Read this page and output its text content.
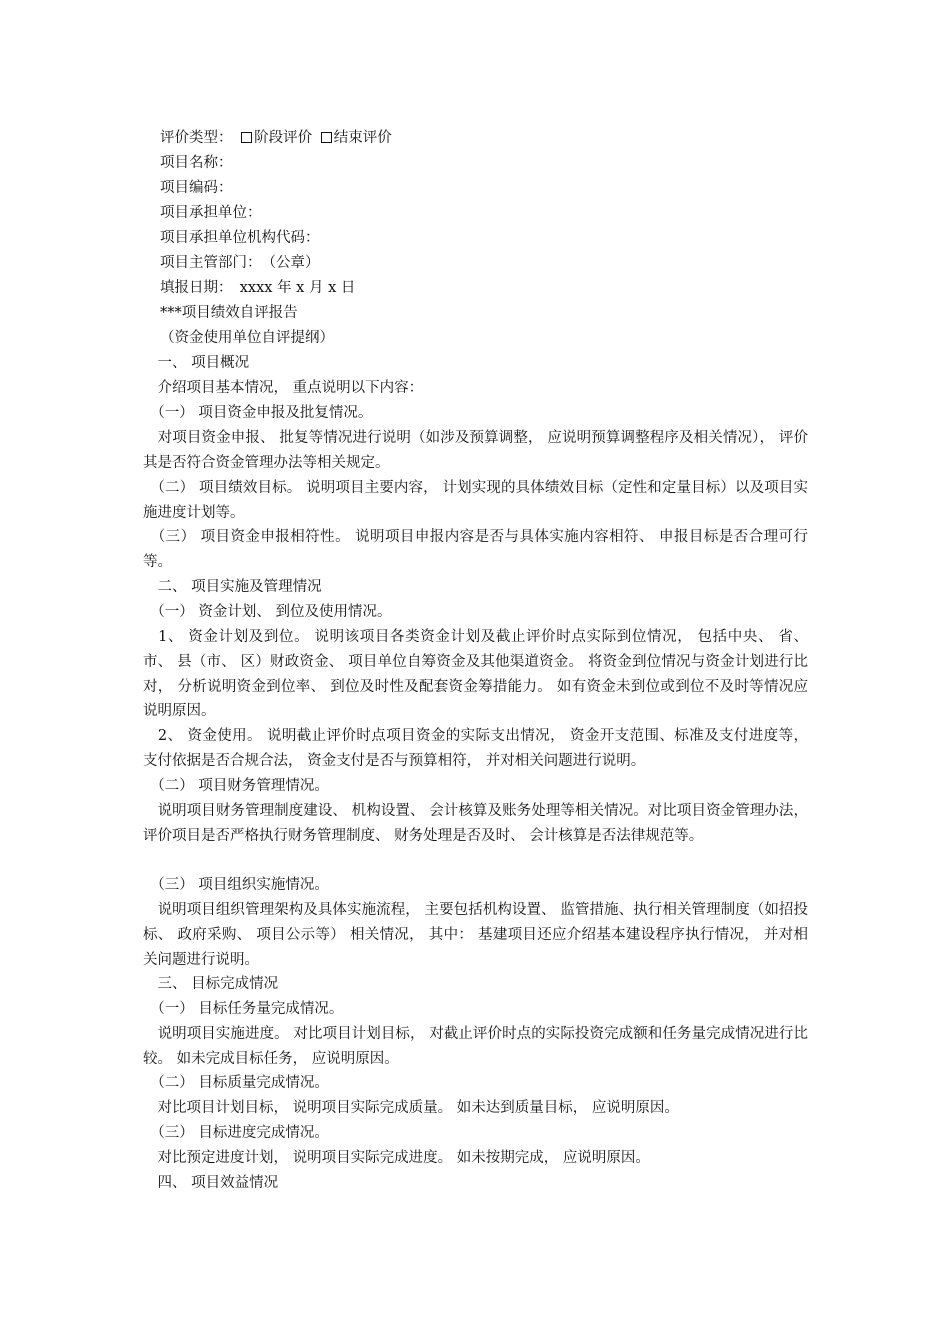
评价类型： 阶段评价 结束评价
项目名称：
项目编码：
项目承担单位：
项目承担单位机构代码：
项目主管部门：　（公章）
填报日期：　xxxx 年 x 月 x 日
***项目绩效自评报告
（资金使用单位自评提纲）

　一、 项目概况

　介绍项目基本情况， 重点说明以下内容：

　（一） 项目资金申报及批复情况。

　对项目资金申报、 批复等情况进行说明（如涉及预算调整， 应说明预算调整程序及相关情况）， 评价其是否符合资金管理办法等相关规定。

　（二） 项目绩效目标。 说明项目主要内容， 计划实现的具体绩效目标（定性和定量目标）以及项目实施进度计划等。

　（三） 项目资金申报相符性。 说明项目申报内容是否与具体实施内容相符、 申报目标是否合理可行等。

　二、 项目实施及管理情况

　（一） 资金计划、 到位及使用情况。

　1、 资金计划及到位。 说明该项目各类资金计划及截止评价时点实际到位情况， 包括中央、 省、 市、 县（市、 区）财政资金、 项目单位自筹资金及其他渠道资金。 将资金到位情况与资金计划进行比对， 分析说明资金到位率、 到位及时性及配套资金筹措能力。 如有资金未到位或到位不及时等情况应说明原因。

　2、 资金使用。 说明截止评价时点项目资金的实际支出情况， 资金开支范围、标准及支付进度等， 支付依据是否合规合法， 资金支付是否与预算相符， 并对相关问题进行说明。

　（二） 项目财务管理情况。

　说明项目财务管理制度建设、 机构设置、 会计核算及账务处理等相关情况。对比项目资金管理办法， 评价项目是否严格执行财务管理制度、 财务处理是否及时、 会计核算是否法律规范等。

　（三） 项目组织实施情况。

　说明项目组织管理架构及具体实施流程， 主要包括机构设置、 监管措施、执行相关管理制度（如招投标、 政府采购、 项目公示等） 相关情况， 其中： 基建项目还应介绍基本建设程序执行情况， 并对相关问题进行说明。

　三、 目标完成情况

　（一） 目标任务量完成情况。

　说明项目实施进度。 对比项目计划目标， 对截止评价时点的实际投资完成额和任务量完成情况进行比较。 如未完成目标任务， 应说明原因。

　（二） 目标质量完成情况。

　对比项目计划目标， 说明项目实际完成质量。 如未达到质量目标， 应说明原因。

　（三） 目标进度完成情况。

　对比预定进度计划， 说明项目实际完成进度。 如未按期完成， 应说明原因。

　四、 项目效益情况
